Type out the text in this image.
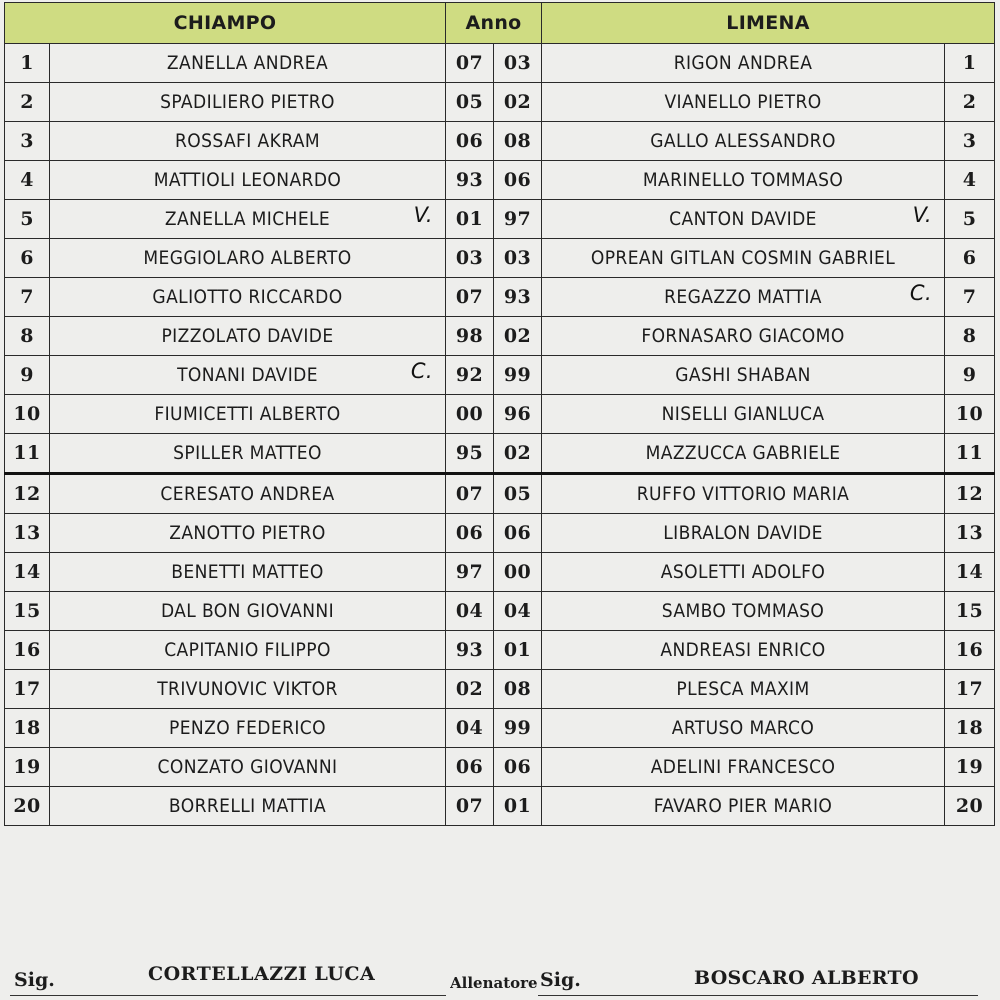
CHIAMPO		Anno		LIMENA	
1	ZANELLA ANDREA	07	03	RIGON ANDREA	1
2	SPADILIERO PIETRO	05	02	VIANELLO PIETRO	2
3	ROSSAFI AKRAM	06	08	GALLO ALESSANDRO	3
4	MATTIOLI LEONARDO	93	06	MARINELLO TOMMASO	4
5	ZANELLA MICHELE V.	01	97	CANTON DAVIDE V.	5
6	MEGGIOLARO ALBERTO	03	03	OPREAN GITLAN COSMIN GABRIEL	6
7	GALIOTTO RICCARDO	07	93	REGAZZO MATTIA C.	7
8	PIZZOLATO DAVIDE	98	02	FORNASARO GIACOMO	8
9	TONANI DAVIDE C.	92	99	GASHI SHABAN	9
10	FIUMICETTI ALBERTO	00	96	NISELLI GIANLUCA	10
11	SPILLER MATTEO	95	02	MAZZUCCA GABRIELE	11
12	CERESATO ANDREA	07	05	RUFFO VITTORIO MARIA	12
13	ZANOTTO PIETRO	06	06	LIBRALON DAVIDE	13
14	BENETTI MATTEO	97	00	ASOLETTI ADOLFO	14
15	DAL BON GIOVANNI	04	04	SAMBO TOMMASO	15
16	CAPITANIO FILIPPO	93	01	ANDREASI ENRICO	16
17	TRIVUNOVIC VIKTOR	02	08	PLESCA MAXIM	17
18	PENZO FEDERICO	04	99	ARTUSO MARCO	18
19	CONZATO GIOVANNI	06	06	ADELINI FRANCESCO	19
20	BORRELLI MATTIA	07	01	FAVARO PIER MARIO	20
Sig.	CORTELLAZZI LUCA	Allenatore Sig.	BOSCARO ALBERTO
